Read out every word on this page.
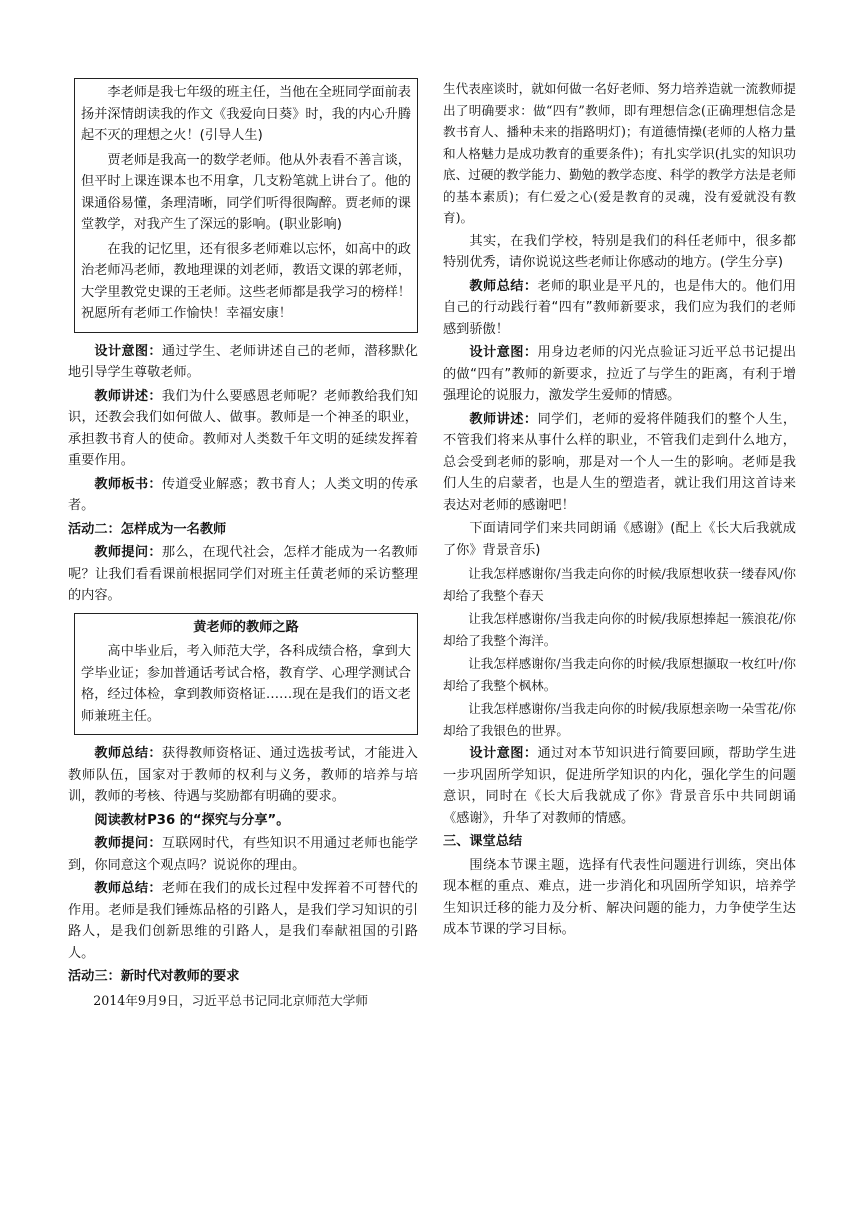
李老师是我七年级的班主任，当他在全班同学面前表扬并深情朗读我的作文《我爱向日葵》时，我的内心升腾起不灭的理想之火！(引导人生)

贾老师是我高一的数学老师。他从外表看不善言谈，但平时上课连课本也不用拿，几支粉笔就上讲台了。他的课通俗易懂，条理清晰，同学们听得很陶醉。贾老师的课堂教学，对我产生了深远的影响。(职业影响)

在我的记忆里，还有很多老师难以忘怀，如高中的政治老师冯老师，教地理课的刘老师，教语文课的郭老师，大学里教党史课的王老师。这些老师都是我学习的榜样！祝愿所有老师工作愉快！幸福安康！

设计意图：通过学生、老师讲述自己的老师，潜移默化地引导学生尊敬老师。

教师讲述：我们为什么要感恩老师呢？老师教给我们知识，还教会我们如何做人、做事。教师是一个神圣的职业，承担教书育人的使命。教师对人类数千年文明的延续发挥着重要作用。

教师板书：传道受业解惑；教书育人；人类文明的传承者。

活动二：怎样成为一名教师

教师提问：那么，在现代社会，怎样才能成为一名教师呢？让我们看看课前根据同学们对班主任黄老师的采访整理的内容。

黄老师的教师之路

高中毕业后，考入师范大学，各科成绩合格，拿到大学毕业证；参加普通话考试合格，教育学、心理学测试合格，经过体检，拿到教师资格证……现在是我们的语文老师兼班主任。

教师总结：获得教师资格证、通过选拔考试，才能进入教师队伍，国家对于教师的权利与义务，教师的培养与培训，教师的考核、待遇与奖励都有明确的要求。

阅读教材P36 的“探究与分享”。

教师提问：互联网时代，有些知识不用通过老师也能学到，你同意这个观点吗？说说你的理由。

教师总结：老师在我们的成长过程中发挥着不可替代的作用。老师是我们锤炼品格的引路人，是我们学习知识的引路人，是我们创新思维的引路人，是我们奉献祖国的引路人。

活动三：新时代对教师的要求

2014年9月9日，习近平总书记同北京师范大学师

生代表座谈时，就如何做一名好老师、努力培养造就一流教师提出了明确要求：做“四有”教师，即有理想信念(正确理想信念是教书育人、播种未来的指路明灯)；有道德情操(老师的人格力量和人格魅力是成功教育的重要条件)；有扎实学识(扎实的知识功底、过硬的教学能力、勤勉的教学态度、科学的教学方法是老师的基本素质)；有仁爱之心(爱是教育的灵魂，没有爱就没有教育)。

其实，在我们学校，特别是我们的科任老师中，很多都特别优秀，请你说说这些老师让你感动的地方。(学生分享)

教师总结：老师的职业是平凡的，也是伟大的。他们用自己的行动践行着“四有”教师新要求，我们应为我们的老师感到骄傲！

设计意图：用身边老师的闪光点验证习近平总书记提出的做“四有”教师的新要求，拉近了与学生的距离，有利于增强理论的说服力，激发学生爱师的情感。

教师讲述：同学们，老师的爱将伴随我们的整个人生，不管我们将来从事什么样的职业，不管我们走到什么地方，总会受到老师的影响，那是对一个人一生的影响。老师是我们人生的启蒙者，也是人生的塑造者，就让我们用这首诗来表达对老师的感谢吧！

下面请同学们来共同朗诵《感谢》(配上《长大后我就成了你》背景音乐)

让我怎样感谢你/当我走向你的时候/我原想收获一缕春风/你却给了我整个春天

让我怎样感谢你/当我走向你的时候/我原想捧起一簇浪花/你却给了我整个海洋。

让我怎样感谢你/当我走向你的时候/我原想撷取一枚红叶/你却给了我整个枫林。

让我怎样感谢你/当我走向你的时候/我原想亲吻一朵雪花/你却给了我银色的世界。

设计意图：通过对本节知识进行简要回顾，帮助学生进一步巩固所学知识，促进所学知识的内化，强化学生的问题意识，同时在《长大后我就成了你》背景音乐中共同朗诵《感谢》，升华了对教师的情感。

三、课堂总结

围绕本节课主题，选择有代表性问题进行训练，突出体现本框的重点、难点，进一步消化和巩固所学知识，培养学生知识迁移的能力及分析、解决问题的能力，力争使学生达成本节课的学习目标。
